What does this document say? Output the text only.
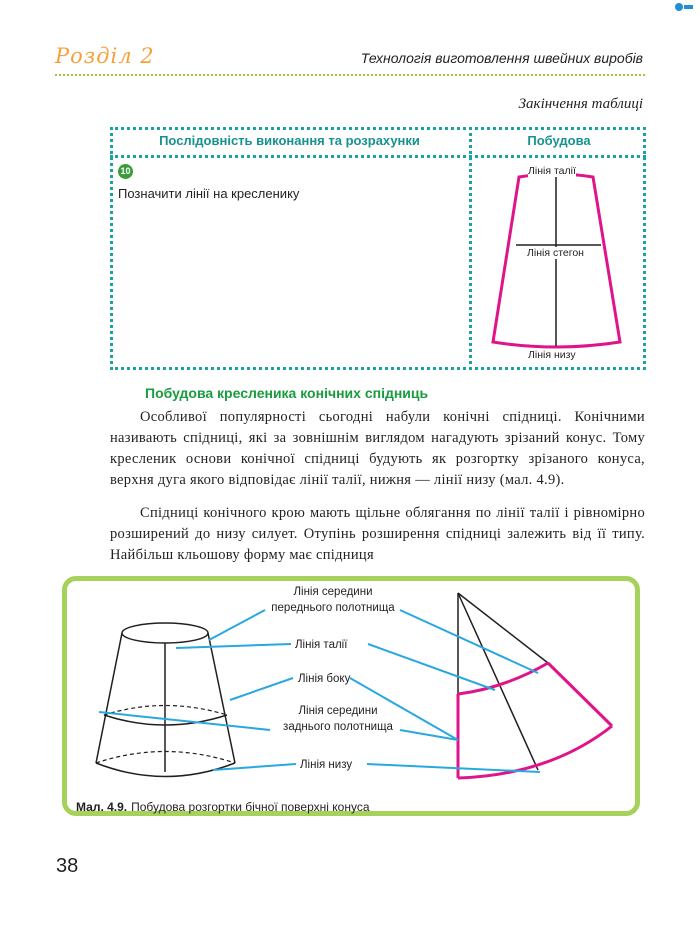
Розділ 2	Технологія виготовлення швейних виробів
Закінчення таблиці
Послідовність виконання та розрахунки	Побудова
10
Позначити лінії на кресленику
Лінія талії
Лінія стегон
Лінія низу
Побудова кресленика конічних спідниць

Особливої популярності сьогодні набули конічні спідниці. Конічними називають спідниці, які за зовнішнім виглядом нагадують зрізаний конус. Тому кресленик основи конічної спідниці будують як розгортку зрізаного конуса, верхня дуга якого відповідає лінії талії, нижня — лінії низу (мал. 4.9).

Спідниці конічного крою мають щільне облягання по лінії талії і рівномірно розширений до низу силует. Отупінь розширення спідниці залежить від її типу. Найбільш кльошову форму має спідниця

Лінія середини
переднього полотнища
Лінія талії
Лінія боку
Лінія середини
заднього полотнища
Лінія низу
Мал. 4.9. Побудова розгортки бічної поверхні конуса
38
